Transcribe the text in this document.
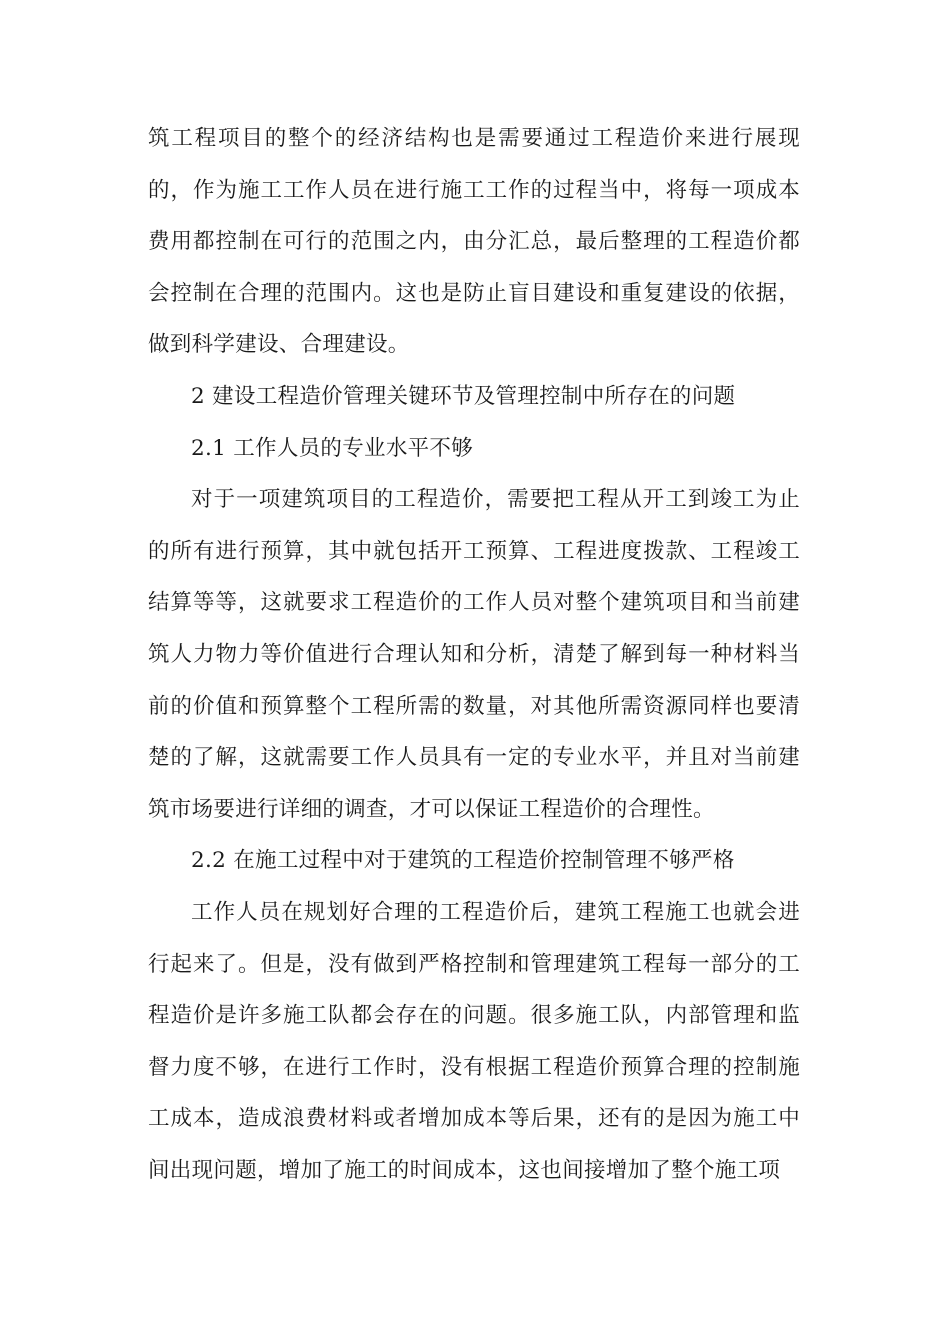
筑工程项目的整个的经济结构也是需要通过工程造价来进行展现的，作为施工工作人员在进行施工工作的过程当中，将每一项成本费用都控制在可行的范围之内，由分汇总，最后整理的工程造价都会控制在合理的范围内。这也是防止盲目建设和重复建设的依据，做到科学建设、合理建设。

2 建设工程造价管理关键环节及管理控制中所存在的问题

2.1 工作人员的专业水平不够

对于一项建筑项目的工程造价，需要把工程从开工到竣工为止的所有进行预算，其中就包括开工预算、工程进度拨款、工程竣工结算等等，这就要求工程造价的工作人员对整个建筑项目和当前建筑人力物力等价值进行合理认知和分析，清楚了解到每一种材料当前的价值和预算整个工程所需的数量，对其他所需资源同样也要清楚的了解，这就需要工作人员具有一定的专业水平，并且对当前建筑市场要进行详细的调查，才可以保证工程造价的合理性。

2.2 在施工过程中对于建筑的工程造价控制管理不够严格

工作人员在规划好合理的工程造价后，建筑工程施工也就会进行起来了。但是，没有做到严格控制和管理建筑工程每一部分的工程造价是许多施工队都会存在的问题。很多施工队，内部管理和监督力度不够，在进行工作时，没有根据工程造价预算合理的控制施工成本，造成浪费材料或者增加成本等后果，还有的是因为施工中间出现问题，增加了施工的时间成本，这也间接增加了整个施工项
